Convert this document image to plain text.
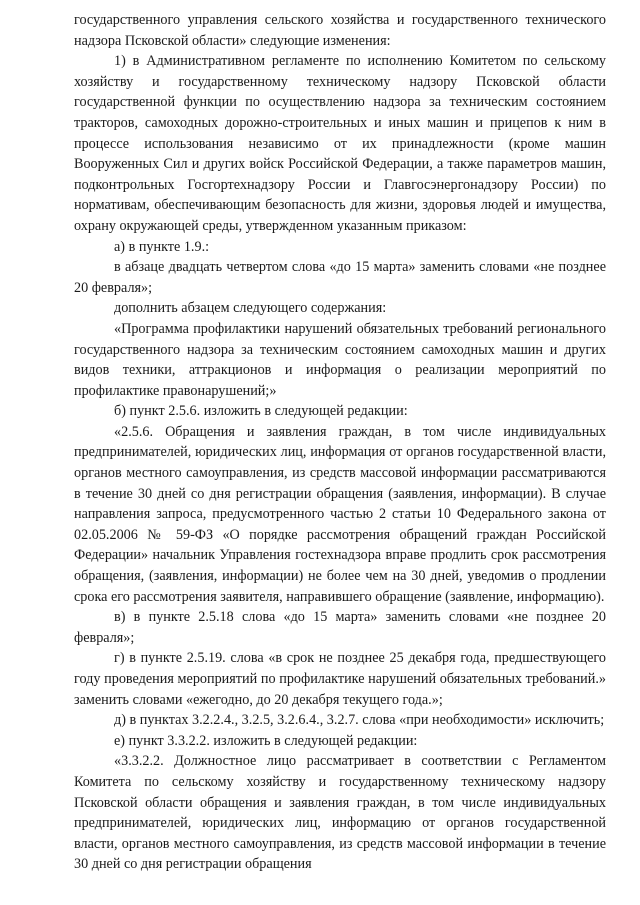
государственного управления сельского хозяйства и государственного технического надзора Псковской области» следующие изменения:

1) в Административном регламенте по исполнению Комитетом по сельскому хозяйству и государственному техническому надзору Псковской области государственной функции по осуществлению надзора за техническим состоянием тракторов, самоходных дорожно-строительных и иных машин и прицепов к ним в процессе использования независимо от их принадлежности (кроме машин Вооруженных Сил и других войск Российской Федерации, а также параметров машин, подконтрольных Госгортехнадзору России и Главгосэнергонадзору России) по нормативам, обеспечивающим безопасность для жизни, здоровья людей и имущества, охрану окружающей среды, утвержденном указанным приказом:

а) в пункте 1.9.:

в абзаце двадцать четвертом слова «до 15 марта» заменить словами «не позднее 20 февраля»;

дополнить абзацем следующего содержания:

«Программа профилактики нарушений обязательных требований регионального государственного надзора за техническим состоянием самоходных машин и других видов техники, аттракционов и информация о реализации мероприятий по профилактике правонарушений;»

б) пункт 2.5.6. изложить в следующей редакции:

«2.5.6. Обращения и заявления граждан, в том числе индивидуальных предпринимателей, юридических лиц, информация от органов государственной власти, органов местного самоуправления, из средств массовой информации рассматриваются в течение 30 дней со дня регистрации обращения (заявления, информации). В случае направления запроса, предусмотренного частью 2 статьи 10 Федерального закона от 02.05.2006 № 59-ФЗ «О порядке рассмотрения обращений граждан Российской Федерации» начальник Управления гостехнадзора вправе продлить срок рассмотрения обращения, (заявления, информации) не более чем на 30 дней, уведомив о продлении срока его рассмотрения заявителя, направившего обращение (заявление, информацию).

в) в пункте 2.5.18 слова «до 15 марта» заменить словами «не позднее 20 февраля»;

г) в пункте 2.5.19. слова «в срок не позднее 25 декабря года, предшествующего году проведения мероприятий по профилактике нарушений обязательных требований.» заменить словами «ежегодно, до 20 декабря текущего года.»;

д) в пунктах 3.2.2.4., 3.2.5, 3.2.6.4., 3.2.7. слова «при необходимости» исключить;

е) пункт 3.3.2.2. изложить в следующей редакции:

«3.3.2.2. Должностное лицо рассматривает в соответствии с Регламентом Комитета по сельскому хозяйству и государственному техническому надзору Псковской области обращения и заявления граждан, в том числе индивидуальных предпринимателей, юридических лиц, информацию от органов государственной власти, органов местного самоуправления, из средств массовой информации в течение 30 дней со дня регистрации обращения
